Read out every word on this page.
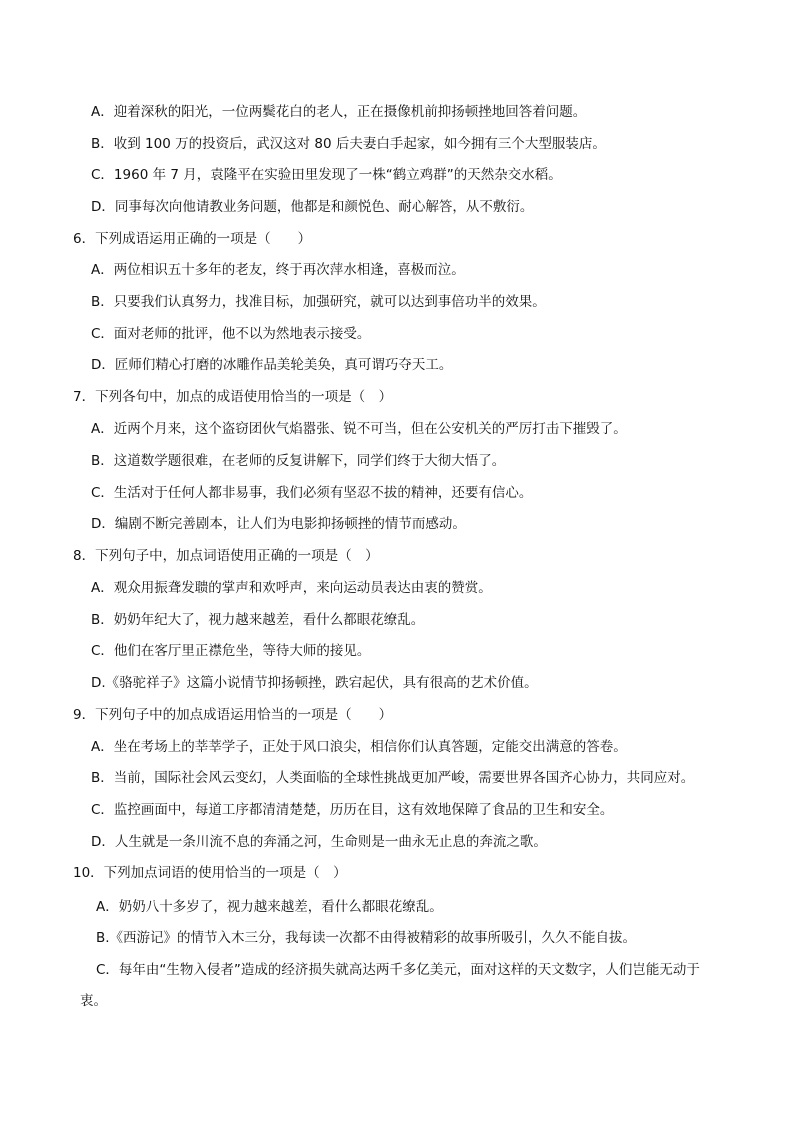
A．迎着深秋的阳光，一位两鬓花白的老人，正在摄像机前抑扬顿挫地回答着问题。
B．收到 100 万的投资后，武汉这对 80 后夫妻白手起家，如今拥有三个大型服装店。
C．1960 年 7 月，袁隆平在实验田里发现了一株“鹤立鸡群”的天然杂交水稻。
D．同事每次向他请教业务问题，他都是和颜悦色、耐心解答，从不敷衍。
6．下列成语运用正确的一项是（　　）
A．两位相识五十多年的老友，终于再次萍水相逢，喜极而泣。
B．只要我们认真努力，找准目标，加强研究，就可以达到事倍功半的效果。
C．面对老师的批评，他不以为然地表示接受。
D．匠师们精心打磨的冰雕作品美轮美奂，真可谓巧夺天工。
7．下列各句中，加点的成语使用恰当的一项是（　）
A．近两个月来，这个盗窃团伙气焰嚣张、锐不可当，但在公安机关的严厉打击下摧毁了。
B．这道数学题很难，在老师的反复讲解下，同学们终于大彻大悟了。
C．生活对于任何人都非易事，我们必须有坚忍不拔的精神，还要有信心。
D．编剧不断完善剧本，让人们为电影抑扬顿挫的情节而感动。
8．下列句子中，加点词语使用正确的一项是（　）
A．观众用振聋发聩的掌声和欢呼声，来向运动员表达由衷的赞赏。
B．奶奶年纪大了，视力越来越差，看什么都眼花缭乱。
C．他们在客厅里正襟危坐，等待大师的接见。
D.《骆驼祥子》这篇小说情节抑扬顿挫，跌宕起伏，具有很高的艺术价值。
9．下列句子中的加点成语运用恰当的一项是（　　）
A．坐在考场上的莘莘学子，正处于风口浪尖，相信你们认真答题，定能交出满意的答卷。
B．当前，国际社会风云变幻，人类面临的全球性挑战更加严峻，需要世界各国齐心协力，共同应对。
C．监控画面中，每道工序都清清楚楚，历历在目，这有效地保障了食品的卫生和安全。
D．人生就是一条川流不息的奔涌之河，生命则是一曲永无止息的奔流之歌。
10．下列加点词语的使用恰当的一项是（　）
A．奶奶八十多岁了，视力越来越差，看什么都眼花缭乱。
B.《西游记》的情节入木三分，我每读一次都不由得被精彩的故事所吸引，久久不能自拔。
C．每年由“生物入侵者”造成的经济损失就高达两千多亿美元，面对这样的天文数字，人们岂能无动于
衷。
